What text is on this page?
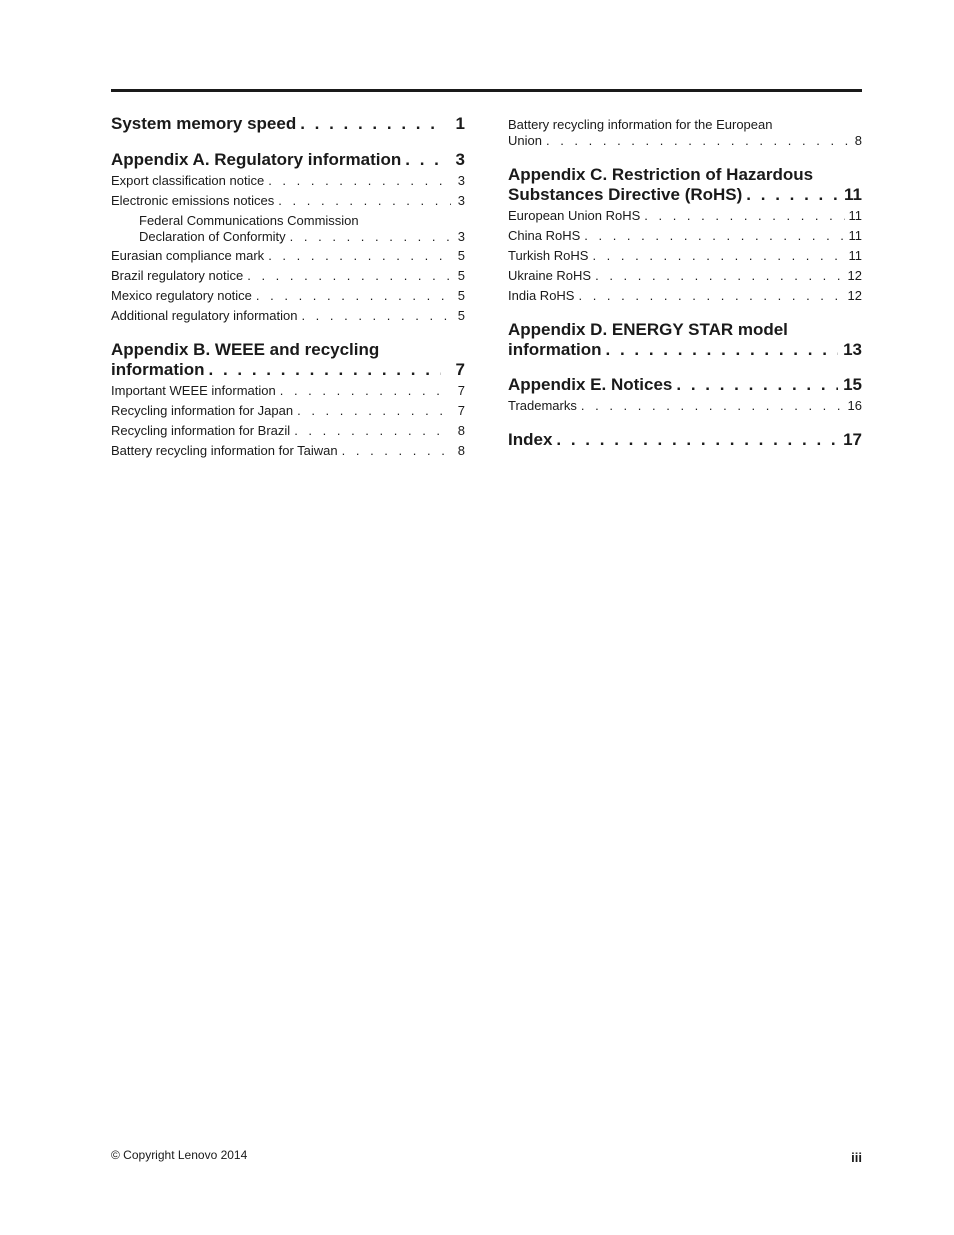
System memory speed . . .	1
Appendix A. Regulatory information . . .	3
Export classification notice . . .	3
Electronic emissions notices . . .	3
Federal Communications Commission
Declaration of Conformity . . .	3
Eurasian compliance mark . . .	5
Brazil regulatory notice . . .	5
Mexico regulatory notice . . .	5
Additional regulatory information . . .	5
Appendix B. WEEE and recycling
information . . .	7
Important WEEE information . . .	7
Recycling information for Japan . . .	7
Recycling information for Brazil . . .	8
Battery recycling information for Taiwan . . .	8
Battery recycling information for the European
Union . . .	8
Appendix C. Restriction of Hazardous
Substances Directive (RoHS) . . .	11
European Union RoHS . . .	11
China RoHS . . .	11
Turkish RoHS . . .	11
Ukraine RoHS . . .	12
India RoHS . . .	12
Appendix D. ENERGY STAR model
information . . .	13
Appendix E. Notices . . .	15
Trademarks . . .	16
Index . . .	17
© Copyright Lenovo 2014	iii
